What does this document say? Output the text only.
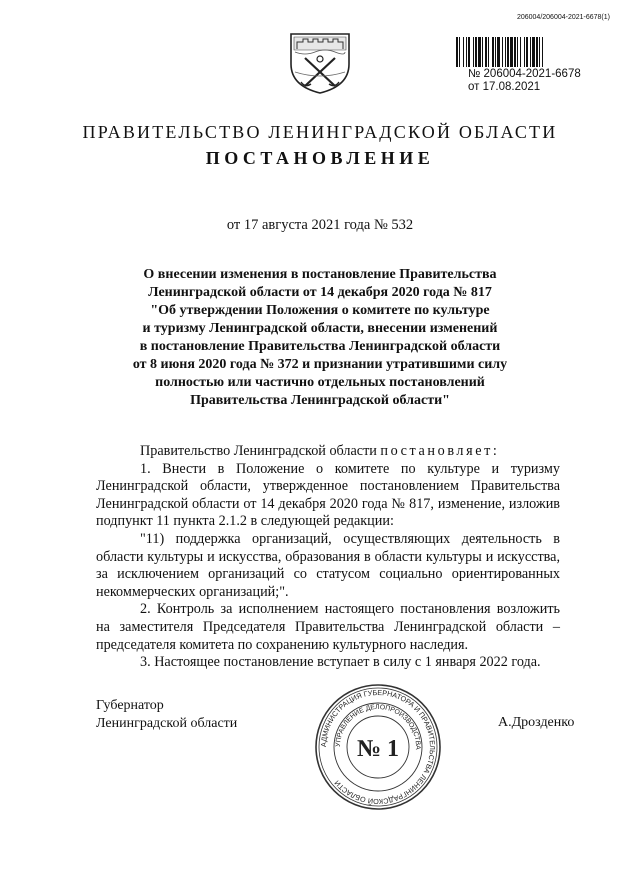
206004/206004-2021-6678(1)
№ 206004-2021-6678
от 17.08.2021
ПРАВИТЕЛЬСТВО ЛЕНИНГРАДСКОЙ ОБЛАСТИ
ПОСТАНОВЛЕНИЕ
от 17 августа 2021 года № 532
О внесении изменения в постановление Правительства
Ленинградской области от 14 декабря 2020 года № 817
"Об утверждении Положения о комитете по культуре
и туризму Ленинградской области, внесении изменений
в постановление Правительства Ленинградской области
от 8 июня 2020 года № 372 и признании утратившими силу
полностью или частично отдельных постановлений
Правительства Ленинградской области"

Правительство Ленинградской области постановляет:

1. Внести в Положение о комитете по культуре и туризму Ленинградской области, утвержденное постановлением Правительства Ленинградской области от 14 декабря 2020 года № 817, изменение, изложив подпункт 11 пункта 2.1.2 в следующей редакции:

"11) поддержка организаций, осуществляющих деятельность в области культуры и искусства, образования в области культуры и искусства, за исключением организаций со статусом социально ориентированных некоммерческих организаций;".

2. Контроль за исполнением настоящего постановления возложить на заместителя Председателя Правительства Ленинградской области – председателя комитета по сохранению культурного наследия.

3. Настоящее постановление вступает в силу с 1 января 2022 года.

Губернатор
Ленинградской области	А.Дрозденко
АДМИНИСТРАЦИЯ ГУБЕРНАТОРА И ПРАВИТЕЛЬСТВА ЛЕНИНГРАДСКОЙ ОБЛАСТИ
УПРАВЛЕНИЕ ДЕЛОПРОИЗВОДСТВА
№ 1
